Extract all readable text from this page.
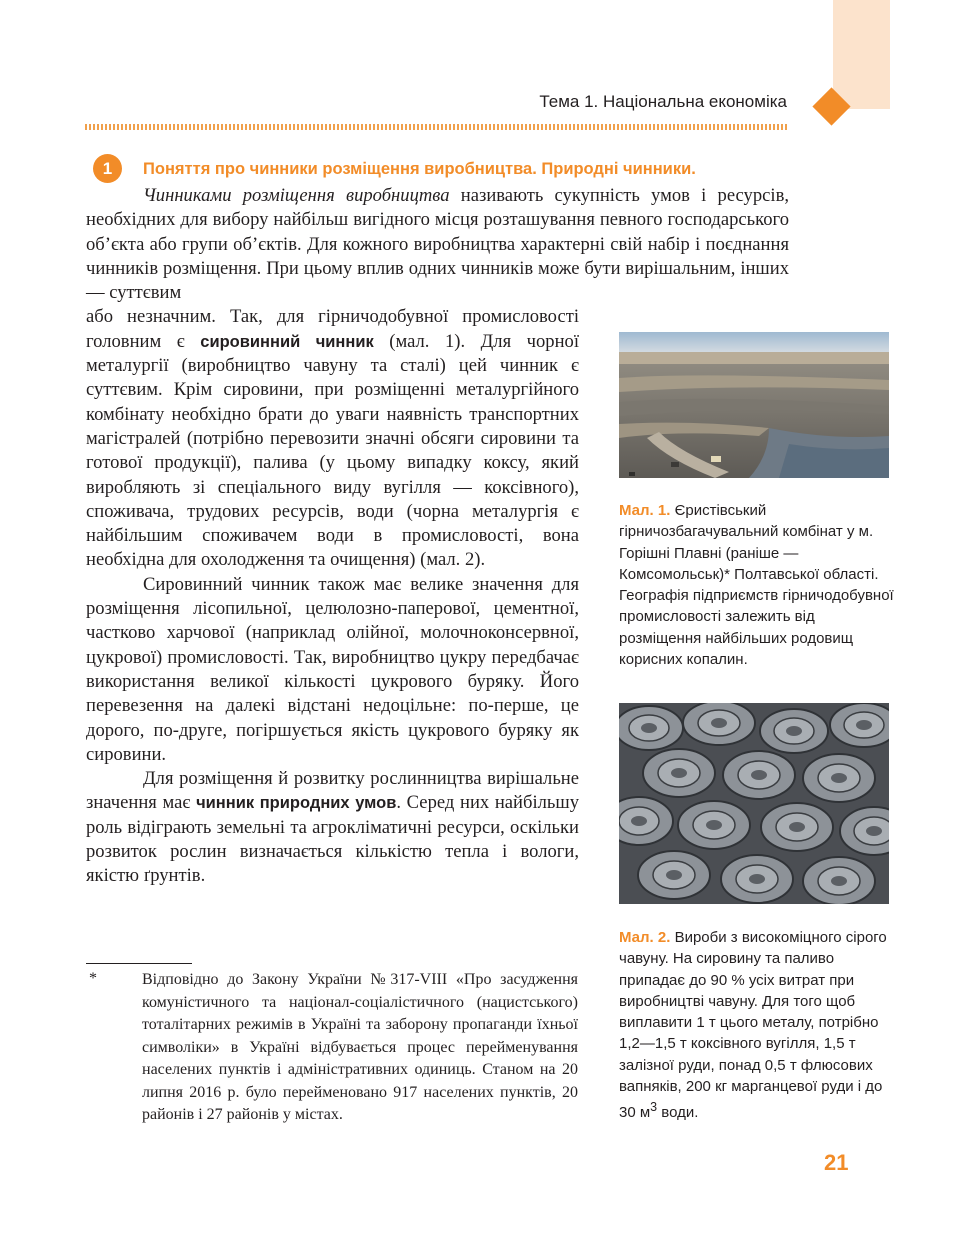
Тема 1. Національна економіка
1	Поняття про чинники розміщення виробництва. Природні чинники.

Чинниками розміщення виробництва називають сукупність умов і ресурсів, необхідних для вибору найбільш вигідного місця розташування певного господарського об’єкта або групи об’єктів. Для кожного виробництва характерні свій набір і поєднання чинників розміщення. При цьому вплив одних чинників може бути вирішальним, інших — суттєвим

або незначним. Так, для гірничодобувної промисловості головним є сировинний чинник (мал. 1). Для чорної металургії (виробництво чавуну та сталі) цей чинник є суттєвим. Крім сировини, при розміщенні металургійного комбінату необхідно брати до уваги наявність транспортних магістралей (потрібно перевозити значні обсяги сировини та готової продукції), палива (у цьому випадку коксу, який виробляють зі спеціального виду вугілля — коксівного), споживача, трудових ресурсів, води (чорна металургія є найбільшим споживачем води в промисловості, вона необхідна для охолодження та очищення) (мал. 2).

Сировинний чинник також має велике значення для розміщення лісопильної, целюлозно-паперової, цементної, частково харчової (наприклад олійної, молочноконсервної, цукрової) промисловості. Так, виробництво цукру передбачає використання великої кількості цукрового буряку. Його перевезення на далекі відстані недоцільне: по-перше, це дорого, по-друге, погіршується якість цукрового буряку як сировини.

Для розміщення й розвитку рослинництва вирішальне значення має чинник природних умов. Серед них найбільшу роль відіграють земельні та агрокліматичні ресурси, оскільки розвиток рослин визначається кількістю тепла і вологи, якістю ґрунтів.

Мал. 1. Єристівський гірничозбагачувальний комбінат у м. Горішні Плавні (раніше — Комсомольськ)* Полтавської області. Географія підприємств гірничодобувної промисловості залежить від розміщення найбільших родовищ корисних копалин.

Мал. 2. Вироби з високоміцного сірого чавуну. На сировину та паливо припадає до 90 % усіх витрат при виробництві чавуну. Для того щоб виплавити 1 т цього металу, потрібно 1,2—1,5 т коксівного вугілля, 1,5 т залізної руди, понад 0,5 т флюсових вапняків, 200 кг марганцевої руди і до 30 $м^3$ води.

*	Відповідно до Закону України №317-VIII «Про засудження комуністичного та націонал-соціалістичного (нацистського) тоталітарних режимів в Україні та заборону пропаганди їхньої символіки» в Україні відбувається процес перейменування населених пунктів і адміністративних одиниць. Станом на 20 липня 2016 р. було перейменовано 917 населених пунктів, 20 районів і 27 районів у містах.

21
